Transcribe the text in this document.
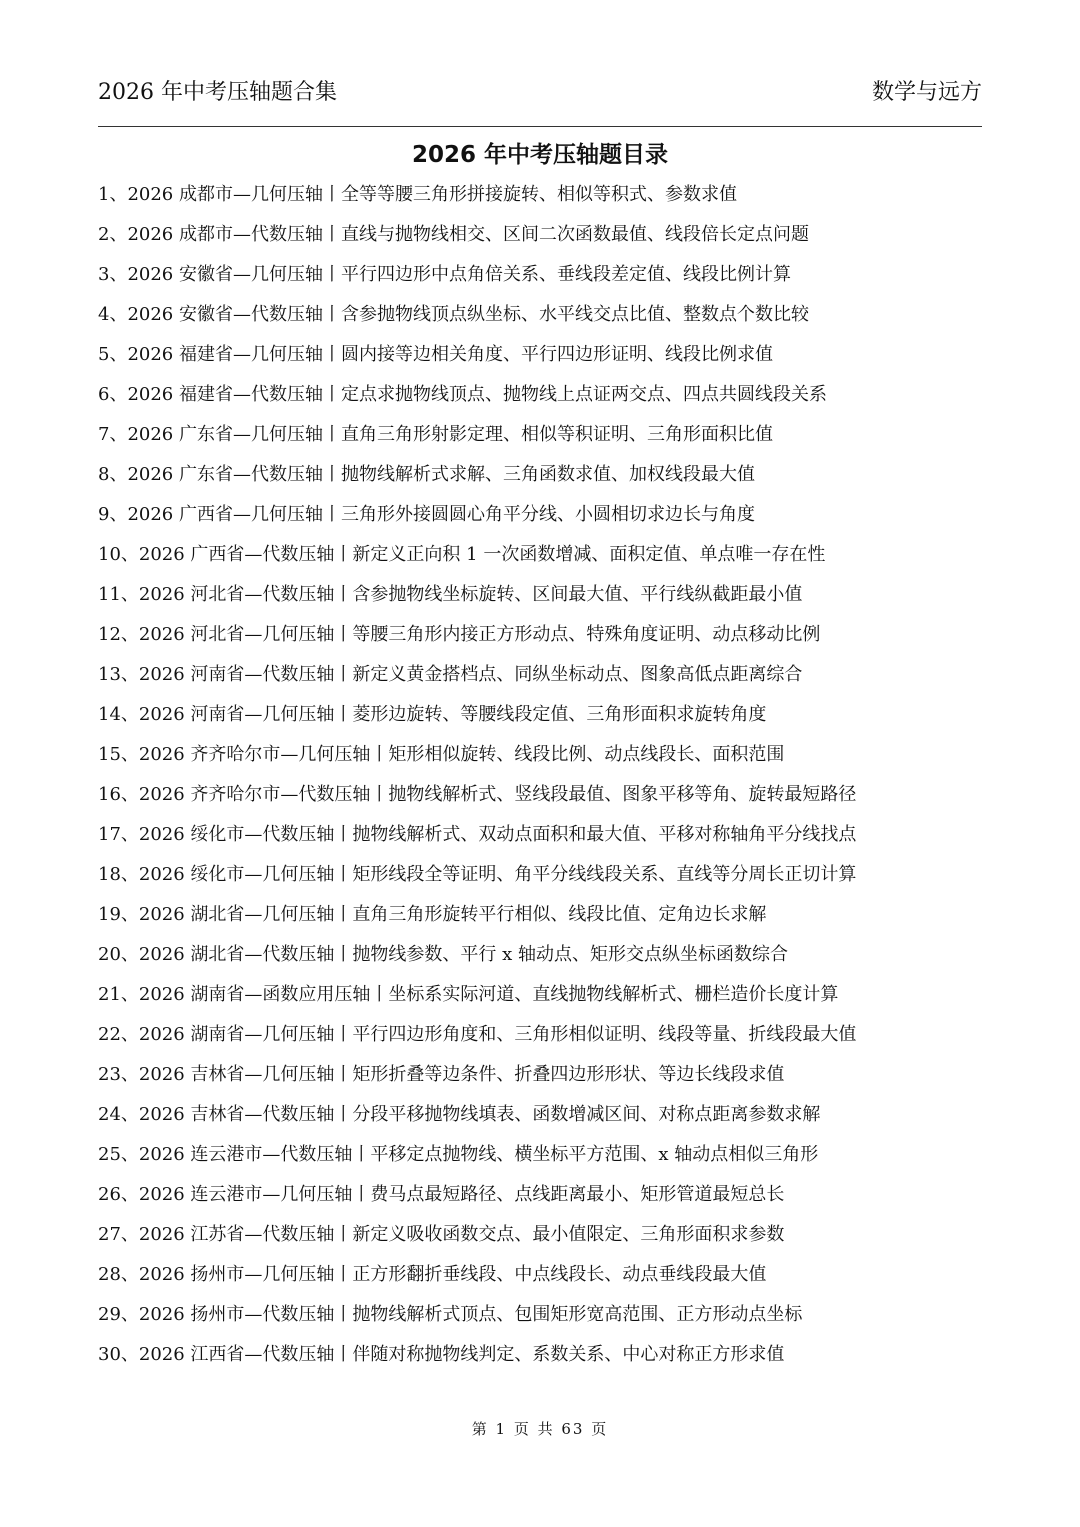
2026 年中考压轴题合集	数学与远方
2026 年中考压轴题目录
1、2026 成都市—几何压轴丨全等等腰三角形拼接旋转、相似等积式、参数求值
2、2026 成都市—代数压轴丨直线与抛物线相交、区间二次函数最值、线段倍长定点问题
3、2026 安徽省—几何压轴丨平行四边形中点角倍关系、垂线段差定值、线段比例计算
4、2026 安徽省—代数压轴丨含参抛物线顶点纵坐标、水平线交点比值、整数点个数比较
5、2026 福建省—几何压轴丨圆内接等边相关角度、平行四边形证明、线段比例求值
6、2026 福建省—代数压轴丨定点求抛物线顶点、抛物线上点证两交点、四点共圆线段关系
7、2026 广东省—几何压轴丨直角三角形射影定理、相似等积证明、三角形面积比值
8、2026 广东省—代数压轴丨抛物线解析式求解、三角函数求值、加权线段最大值
9、2026 广西省—几何压轴丨三角形外接圆圆心角平分线、小圆相切求边长与角度
10、2026 广西省—代数压轴丨新定义正向积 1 一次函数增减、面积定值、单点唯一存在性
11、2026 河北省—代数压轴丨含参抛物线坐标旋转、区间最大值、平行线纵截距最小值
12、2026 河北省—几何压轴丨等腰三角形内接正方形动点、特殊角度证明、动点移动比例
13、2026 河南省—代数压轴丨新定义黄金搭档点、同纵坐标动点、图象高低点距离综合
14、2026 河南省—几何压轴丨菱形边旋转、等腰线段定值、三角形面积求旋转角度
15、2026 齐齐哈尔市—几何压轴丨矩形相似旋转、线段比例、动点线段长、面积范围
16、2026 齐齐哈尔市—代数压轴丨抛物线解析式、竖线段最值、图象平移等角、旋转最短路径
17、2026 绥化市—代数压轴丨抛物线解析式、双动点面积和最大值、平移对称轴角平分线找点
18、2026 绥化市—几何压轴丨矩形线段全等证明、角平分线线段关系、直线等分周长正切计算
19、2026 湖北省—几何压轴丨直角三角形旋转平行相似、线段比值、定角边长求解
20、2026 湖北省—代数压轴丨抛物线参数、平行 x 轴动点、矩形交点纵坐标函数综合
21、2026 湖南省—函数应用压轴丨坐标系实际河道、直线抛物线解析式、栅栏造价长度计算
22、2026 湖南省—几何压轴丨平行四边形角度和、三角形相似证明、线段等量、折线段最大值
23、2026 吉林省—几何压轴丨矩形折叠等边条件、折叠四边形形状、等边长线段求值
24、2026 吉林省—代数压轴丨分段平移抛物线填表、函数增减区间、对称点距离参数求解
25、2026 连云港市—代数压轴丨平移定点抛物线、横坐标平方范围、x 轴动点相似三角形
26、2026 连云港市—几何压轴丨费马点最短路径、点线距离最小、矩形管道最短总长
27、2026 江苏省—代数压轴丨新定义吸收函数交点、最小值限定、三角形面积求参数
28、2026 扬州市—几何压轴丨正方形翻折垂线段、中点线段长、动点垂线段最大值
29、2026 扬州市—代数压轴丨抛物线解析式顶点、包围矩形宽高范围、正方形动点坐标
30、2026 江西省—代数压轴丨伴随对称抛物线判定、系数关系、中心对称正方形求值
第 1 页 共 63 页
